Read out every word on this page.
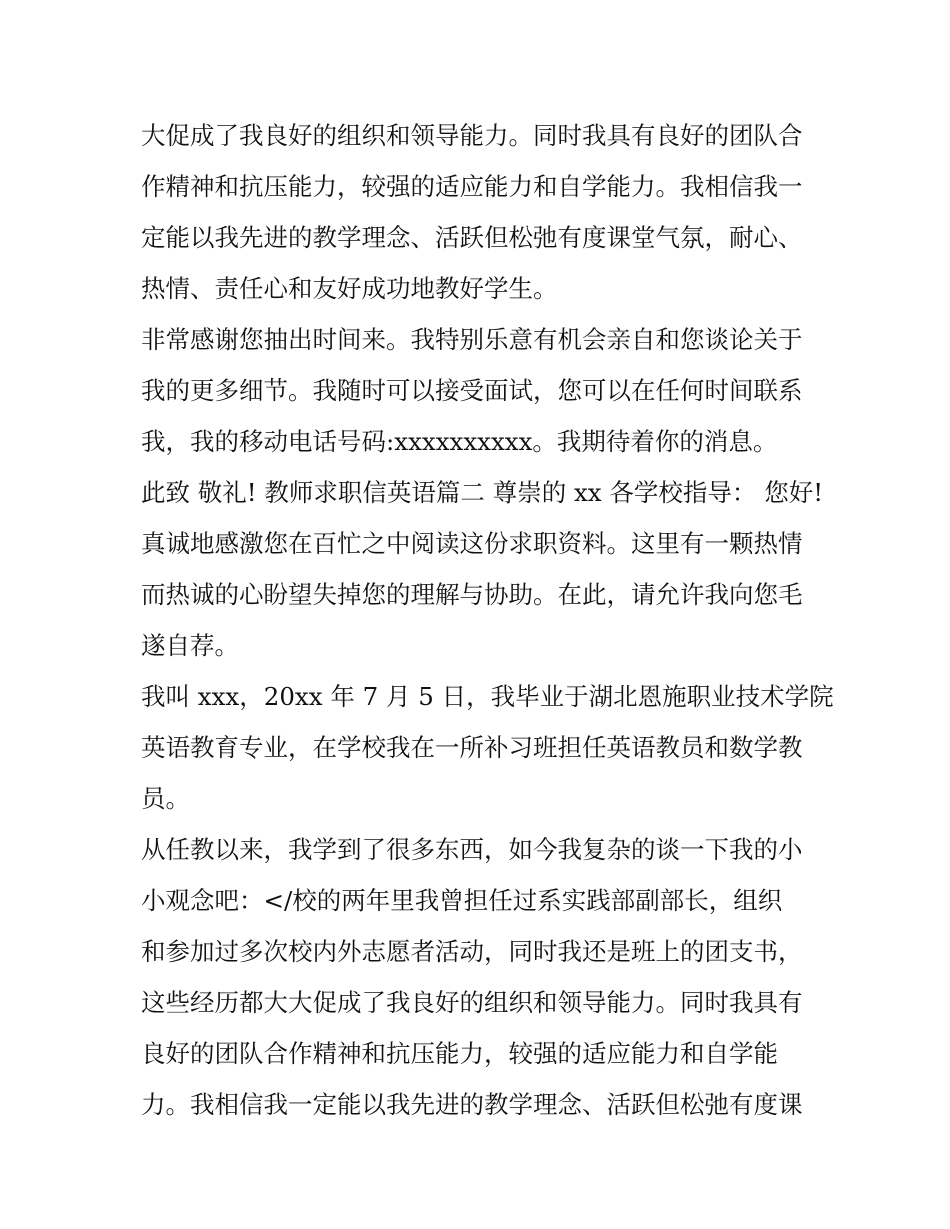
大促成了我良好的组织和领导能力。同时我具有良好的团队合
作精神和抗压能力，较强的适应能力和自学能力。我相信我一
定能以我先进的教学理念、活跃但松弛有度课堂气氛，耐心、
热情、责任心和友好成功地教好学生。
非常感谢您抽出时间来。我特别乐意有机会亲自和您谈论关于
我的更多细节。我随时可以接受面试，您可以在任何时间联系
我，我的移动电话号码:xxxxxxxxxx。我期待着你的消息。
此致 敬礼! 教师求职信英语篇二 尊崇的 xx 各学校指导： 您好!
真诚地感激您在百忙之中阅读这份求职资料。这里有一颗热情
而热诚的心盼望失掉您的理解与协助。在此，请允许我向您毛
遂自荐。
我叫 xxx，20xx 年 7 月 5 日，我毕业于湖北恩施职业技术学院
英语教育专业，在学校我在一所补习班担任英语教员和数学教
员。
从任教以来，我学到了很多东西，如今我复杂的谈一下我的小
小观念吧：</校的两年里我曾担任过系实践部副部长，组织
和参加过多次校内外志愿者活动，同时我还是班上的团支书，
这些经历都大大促成了我良好的组织和领导能力。同时我具有
良好的团队合作精神和抗压能力，较强的适应能力和自学能
力。我相信我一定能以我先进的教学理念、活跃但松弛有度课
